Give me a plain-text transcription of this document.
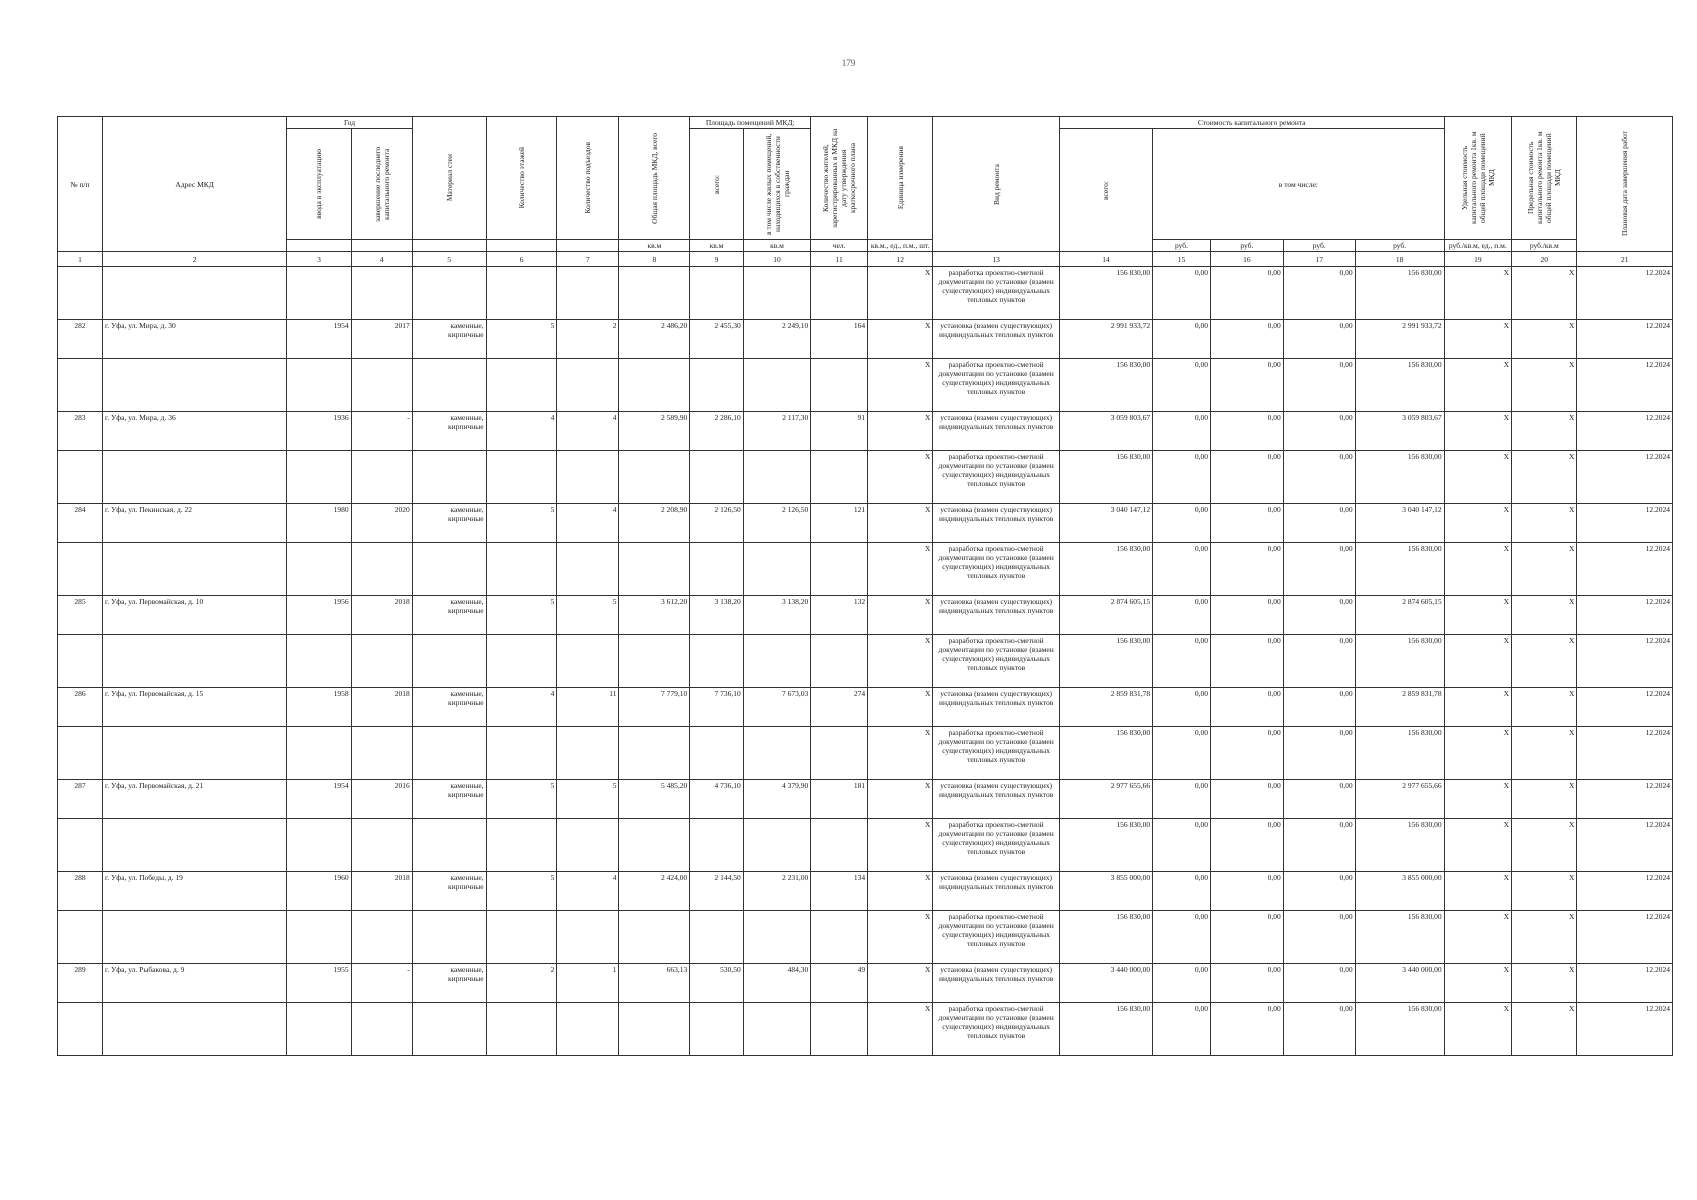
179
№ п/п	Адрес МКД	Год		Материал стен	Количество этажей	Количество подъездов	Общая площадь МКД, всего	Площадь помещений МКД:		Количество жителей, зарегистрированных в МКД на дату утверждения краткосрочного плана	Единица измерения	Вид ремонта	Стоимость капитального ремонта					Удельная стоимость капитального ремонта 1кв. м общей площади помещений МКД	Предельная стоимость капитального ремонта 1кв. м общей площади помещений МКД	Плановая дата завершения работ

		ввода в эксплуатацию	завершение последнего капитального ремонта					всего:	в том числе жилых помещений, находящихся в собственности граждан				всего:	в том числе:						
							кв.м	кв.м	кв.м	чел.	кв.м., ед., п.м., шт.			руб.	руб.	руб.	руб.	руб./кв.м, ед., п.м.	руб./кв.м	
1	2	3	4	5	6	7	8	9	10	11	12	13	14	15	16	17	18	19	20	21
											X	разработка проектно-сметной документации по установке (взамен существующих) индивидуальных тепловых пунктов	156 830,00	0,00	0,00	0,00	156 830,00	X	X	12.2024
282	г. Уфа, ул. Мира, д. 30	1954	2017	каменные, кирпичные	5	2	2 486,20	2 455,30	2 249,10	164	X	установка (взамен существующих) индивидуальных тепловых пунктов	2 991 933,72	0,00	0,00	0,00	2 991 933,72	X	X	12.2024
											X	разработка проектно-сметной документации по установке (взамен существующих) индивидуальных тепловых пунктов	156 830,00	0,00	0,00	0,00	156 830,00	X	X	12.2024
283	г. Уфа, ул. Мира, д. 36	1936	-	каменные, кирпичные	4	4	2 589,90	2 286,10	2 117,30	91	X	установка (взамен существующих) индивидуальных тепловых пунктов	3 059 803,67	0,00	0,00	0,00	3 059 803,67	X	X	12.2024
											X	разработка проектно-сметной документации по установке (взамен существующих) индивидуальных тепловых пунктов	156 830,00	0,00	0,00	0,00	156 830,00	X	X	12.2024
284	г. Уфа, ул. Пекинская, д. 22	1980	2020	каменные, кирпичные	5	4	2 208,90	2 126,50	2 126,50	121	X	установка (взамен существующих) индивидуальных тепловых пунктов	3 040 147,12	0,00	0,00	0,00	3 040 147,12	X	X	12.2024
											X	разработка проектно-сметной документации по установке (взамен существующих) индивидуальных тепловых пунктов	156 830,00	0,00	0,00	0,00	156 830,00	X	X	12.2024
285	г. Уфа, ул. Первомайская, д. 10	1956	2018	каменные, кирпичные	5	5	3 612,20	3 138,20	3 138,20	132	X	установка (взамен существующих) индивидуальных тепловых пунктов	2 874 605,15	0,00	0,00	0,00	2 874 605,15	X	X	12.2024
											X	разработка проектно-сметной документации по установке (взамен существующих) индивидуальных тепловых пунктов	156 830,00	0,00	0,00	0,00	156 830,00	X	X	12.2024
286	г. Уфа, ул. Первомайская, д. 15	1958	2018	каменные, кирпичные	4	11	7 779,10	7 736,10	7 673,03	274	X	установка (взамен существующих) индивидуальных тепловых пунктов	2 859 831,78	0,00	0,00	0,00	2 859 831,78	X	X	12.2024
											X	разработка проектно-сметной документации по установке (взамен существующих) индивидуальных тепловых пунктов	156 830,00	0,00	0,00	0,00	156 830,00	X	X	12.2024
287	г. Уфа, ул. Первомайская, д. 21	1954	2016	каменные, кирпичные	5	5	5 485,20	4 736,10	4 379,90	181	X	установка (взамен существующих) индивидуальных тепловых пунктов	2 977 655,66	0,00	0,00	0,00	2 977 655,66	X	X	12.2024
											X	разработка проектно-сметной документации по установке (взамен существующих) индивидуальных тепловых пунктов	156 830,00	0,00	0,00	0,00	156 830,00	X	X	12.2024
288	г. Уфа, ул. Победы, д. 19	1960	2018	каменные, кирпичные	5	4	2 424,00	2 144,50	2 231,00	134	X	установка (взамен существующих) индивидуальных тепловых пунктов	3 855 000,00	0,00	0,00	0,00	3 855 000,00	X	X	12.2024
											X	разработка проектно-сметной документации по установке (взамен существующих) индивидуальных тепловых пунктов	156 830,00	0,00	0,00	0,00	156 830,00	X	X	12.2024
289	г. Уфа, ул. Рыбакова, д. 9	1955	-	каменные, кирпичные	2	1	663,13	530,50	484,30	49	X	установка (взамен существующих) индивидуальных тепловых пунктов	3 440 000,00	0,00	0,00	0,00	3 440 000,00	X	X	12.2024
											X	разработка проектно-сметной документации по установке (взамен существующих) индивидуальных тепловых пунктов	156 830,00	0,00	0,00	0,00	156 830,00	X	X	12.2024
